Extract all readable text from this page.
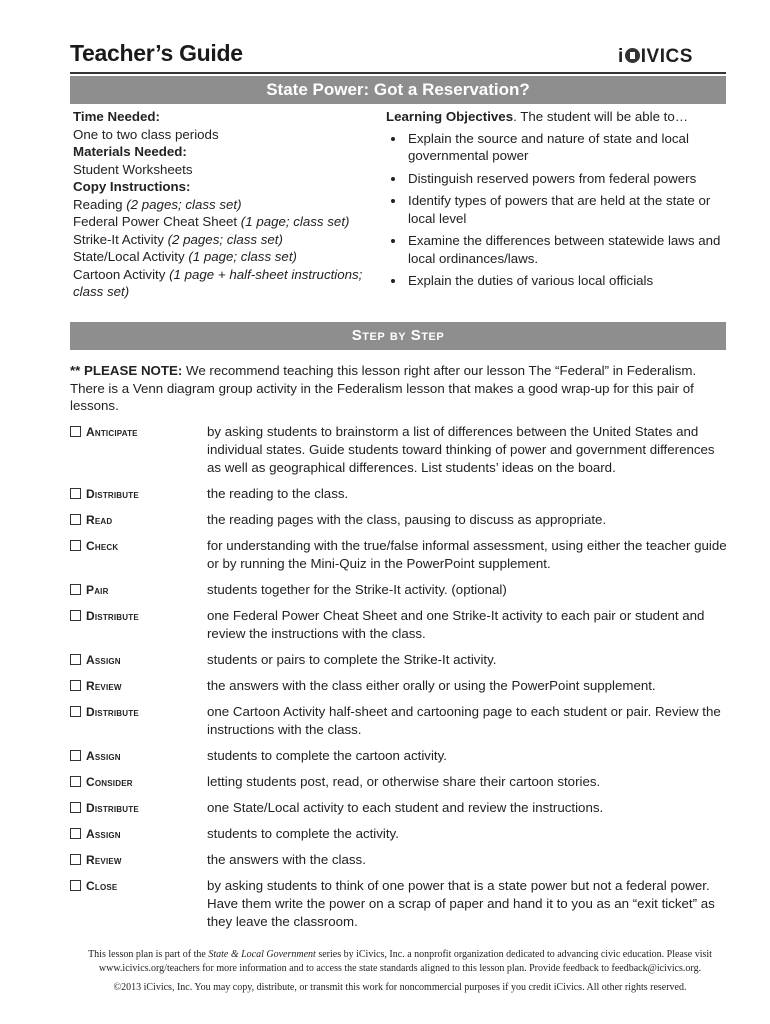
Teacher’s Guide	i IVICS
State Power: Got a Reservation?
Time Needed:
One to two class periods
Materials Needed:
Student Worksheets
Copy Instructions:
Reading (2 pages; class set)
Federal Power Cheat Sheet (1 page; class set)
Strike-It Activity (2 pages; class set)
State/Local Activity (1 page; class set)
Cartoon Activity (1 page + half-sheet instructions; class set)
Learning Objectives. The student will be able to…
• Explain the source and nature of state and local governmental power
• Distinguish reserved powers from federal powers
• Identify types of powers that are held at the state or local level
• Examine the differences between statewide laws and local ordinances/laws.
• Explain the duties of various local officials
Step by Step
** PLEASE NOTE: We recommend teaching this lesson right after our lesson The “Federal” in Federalism. There is a Venn diagram group activity in the Federalism lesson that makes a good wrap-up for this pair of lessons.
Anticipate	by asking students to brainstorm a list of differences between the United States and individual states. Guide students toward thinking of power and government differences as well as geographical differences. List students’ ideas on the board.
Distribute	the reading to the class.
Read	the reading pages with the class, pausing to discuss as appropriate.
Check	for understanding with the true/false informal assessment, using either the teacher guide or by running the Mini-Quiz in the PowerPoint supplement.
Pair	students together for the Strike-It activity. (optional)
Distribute	one Federal Power Cheat Sheet and one Strike-It activity to each pair or student and review the instructions with the class.
Assign	students or pairs to complete the Strike-It activity.
Review	the answers with the class either orally or using the PowerPoint supplement.
Distribute	one Cartoon Activity half-sheet and cartooning page to each student or pair. Review the instructions with the class.
Assign	students to complete the cartoon activity.
Consider	letting students post, read, or otherwise share their cartoon stories.
Distribute	one State/Local activity to each student and review the instructions.
Assign	students to complete the activity.
Review	the answers with the class.
Close	by asking students to think of one power that is a state power but not a federal power. Have them write the power on a scrap of paper and hand it to you as an “exit ticket” as they leave the classroom.
This lesson plan is part of the State & Local Government series by iCivics, Inc. a nonprofit organization dedicated to advancing civic education. Please visit www.icivics.org/teachers for more information and to access the state standards aligned to this lesson plan. Provide feedback to feedback@icivics.org.
©2013 iCivics, Inc. You may copy, distribute, or transmit this work for noncommercial purposes if you credit iCivics. All other rights reserved.
